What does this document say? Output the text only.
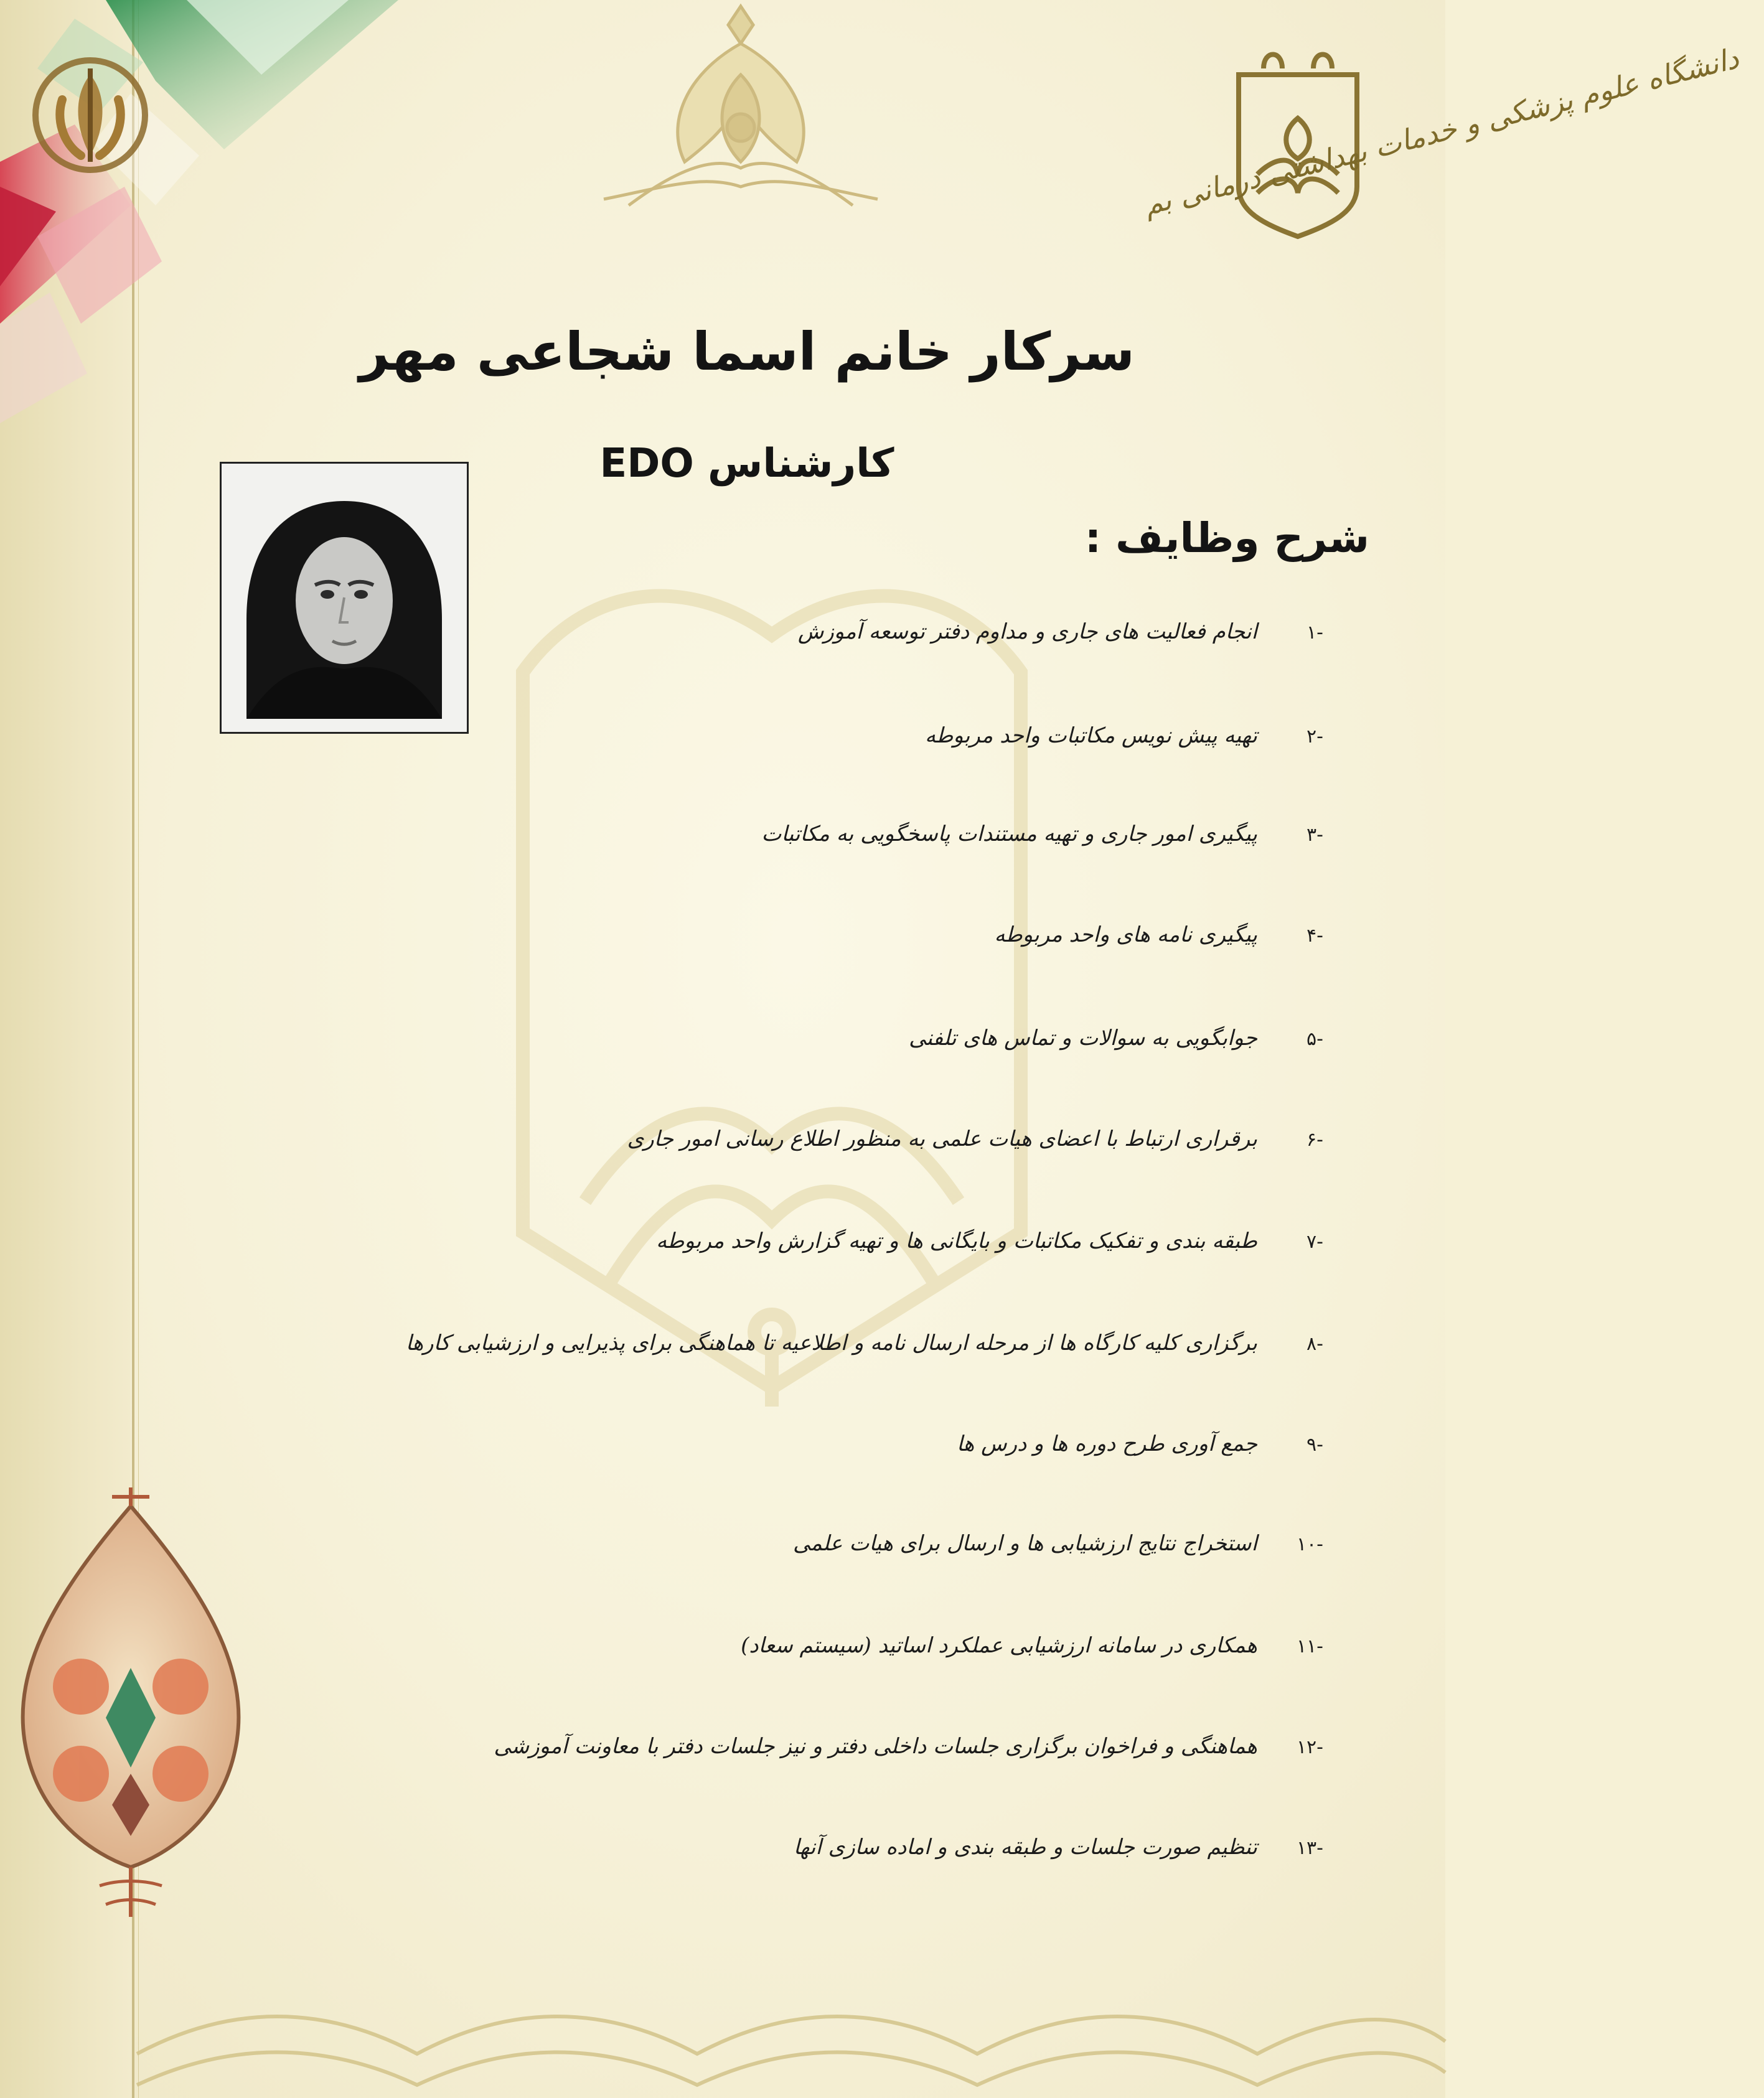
دانشگاه علوم پزشکی و خدمات بهداشتی درمانی بم
سرکار خانم اسما شجاعی مهر
کارشناس EDO
شرح وظایف :
-۱انجام فعالیت های جاری و مداوم دفتر توسعه آموزش
-۲تهیه پیش نویس مکاتبات واحد مربوطه
-۳پیگیری امور جاری و تهیه مستندات پاسخگویی به مکاتبات
-۴پیگیری نامه های واحد مربوطه
-۵جوابگویی به سوالات و تماس های تلفنی
-۶برقراری ارتباط با اعضای هیات علمی به منظور اطلاع رسانی امور جاری
-۷طبقه بندی و تفکیک مکاتبات و بایگانی ها و تهیه گزارش واحد مربوطه
-۸برگزاری کلیه کارگاه ها از مرحله ارسال نامه و اطلاعیه تا هماهنگی برای پذیرایی و ارزشیابی کارها
-۹جمع آوری طرح دوره ها و درس ها
-۱۰استخراج نتایج ارزشیابی ها و ارسال برای هیات علمی
-۱۱همکاری در سامانه ارزشیابی عملکرد اساتید (سیستم سعاد)
-۱۲هماهنگی و فراخوان برگزاری جلسات داخلی دفتر و نیز جلسات دفتر با معاونت آموزشی
-۱۳تنظیم صورت جلسات و طبقه بندی و اماده سازی آنها
